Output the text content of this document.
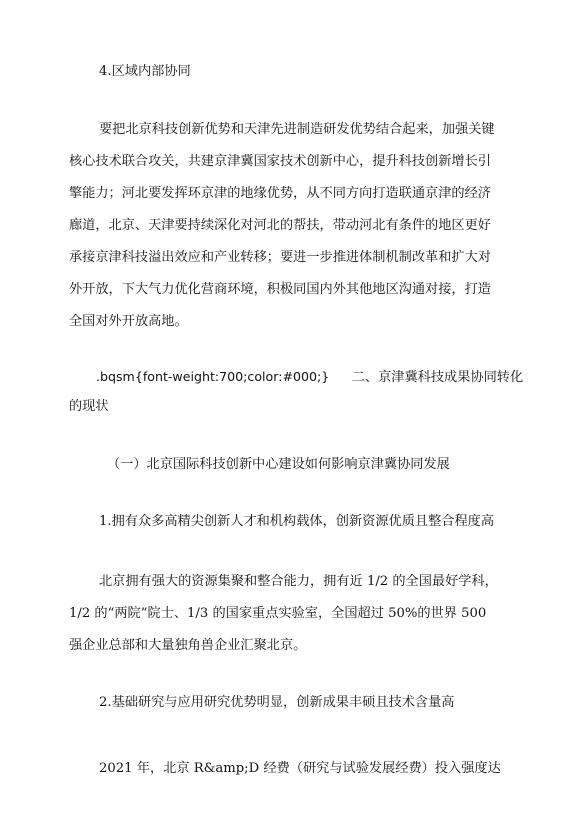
4.区域内部协同
要把北京科技创新优势和天津先进制造研发优势结合起来，加强关键
核心技术联合攻关，共建京津冀国家技术创新中心，提升科技创新增长引
擎能力；河北要发挥环京津的地缘优势，从不同方向打造联通京津的经济
廊道，北京、天津要持续深化对河北的帮扶，带动河北有条件的地区更好
承接京津科技溢出效应和产业转移；要进一步推进体制机制改革和扩大对
外开放，下大气力优化营商环境，积极同国内外其他地区沟通对接，打造
全国对外开放高地。
.bqsm{font-weight:700;color:#000;} 二、京津冀科技成果协同转化
的现状
（一）北京国际科技创新中心建设如何影响京津冀协同发展
1.拥有众多高精尖创新人才和机构载体，创新资源优质且整合程度高
北京拥有强大的资源集聚和整合能力，拥有近 1/2 的全国最好学科，
1/2 的“两院”院士、1/3 的国家重点实验室，全国超过 50%的世界 500
强企业总部和大量独角兽企业汇聚北京。
2.基础研究与应用研究优势明显，创新成果丰硕且技术含量高
2021 年，北京 R&amp;D 经费（研究与试验发展经费）投入强度达
